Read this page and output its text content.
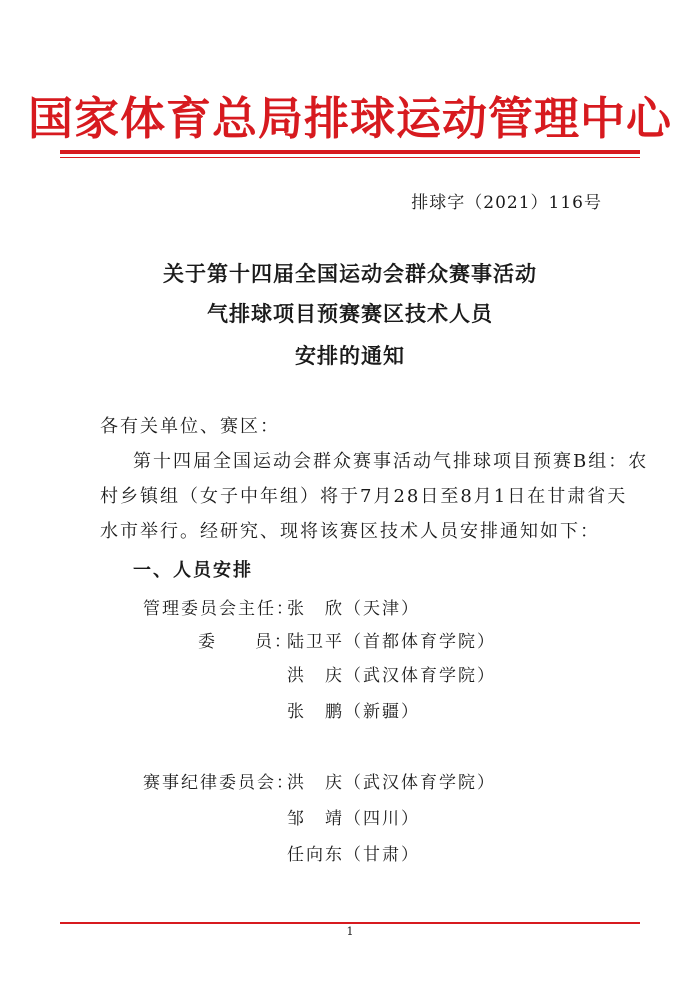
国家体育总局排球运动管理中心
排球字（2021）116号
关于第十四届全国运动会群众赛事活动
气排球项目预赛赛区技术人员
安排的通知
各有关单位、赛区：
第十四届全国运动会群众赛事活动气排球项目预赛B组：农
村乡镇组（女子中年组）将于7月28日至8月1日在甘肃省天
水市举行。经研究、现将该赛区技术人员安排通知如下：
一、人员安排
管理委员会主任：
张　欣（天津）
委　　员：
陆卫平（首都体育学院）
洪　庆（武汉体育学院）
张　鹏（新疆）
赛事纪律委员会：
洪　庆（武汉体育学院）
邹　靖（四川）
任向东（甘肃）
1
